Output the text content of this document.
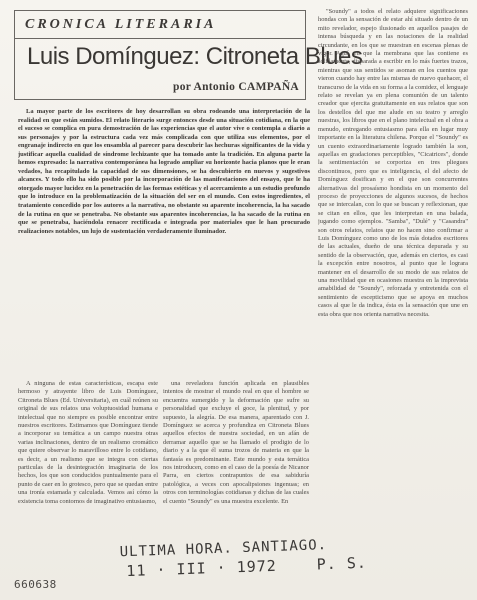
CRONICA LITERARIA
Luis Domínguez: Citroneta Blues
por Antonio CAMPAÑA

La mayor parte de los escritores de hoy desarrollan su obra rodeando una interpretación de la realidad en que están sumidos. El relato literario surge entonces desde una situación cotidiana, en la que el suceso se complica en pura demostración de las experiencias que el autor vive o contempla a diario a sus personajes y por la estructura cada vez más complicada con que utiliza sus elementos, por el engranaje indirecto en que los ensambla al parecer para descubrir las hechuras significantes de la vida y justificar aquella cualidad de síndrome lechizante que ha tomado ante la tradición. En alguna parte la hemos expresado: la narrativa contemporánea ha logrado ampliar su horizonte hacia planos que le eran vedados, ha recapitulado la capacidad de sus dimensiones, se ha descubierto en nuevos y sugestivos alcances. Y todo ello ha sido posible por la incorporación de las manifestaciones del ensayo, que le ha otorgado mayor lucidez en la penetración de las formas estéticas y el acercamiento a un estudio profundo que lo introduce en la problematización de la situación del ser en el mundo. Con estos ingredientes, el tratamiento concedido por los autores a la narrativa, no obstante su aparente incoherencia, la ha sacado de la rutina en que se penetraba. No obstante sus aparentes incoherencias, la ha sacado de la rutina en que se penetraba, haciéndola renacer rectificada e integrada por materiales que le han procurado realizaciones notables, un lujo de sustentación verdaderamente iluminador.

A ninguna de estas características, escapa este hermoso y atrayente libro de Luis Domínguez, Citroneta Blues (Ed. Universitaria), en cuál reúnen su original de sus relatos una voluptuosidad humana e intelectual que no siempre es posible encontrar entre nuestros escritores. Estimamos que Domínguez tiende a incorporar su temática a un campo nuestra otras varias inclinaciones, dentro de un realismo cromático que quiere observar lo maravilloso entre lo cotidiano, es decir, a un realismo que se integra con ciertas particulas de la desintegración imaginaria de los hechos, los que son conducidos puntualmente para el punto de caer en lo grotesco, pero que se quedan entre una ironía estamada y calculada. Vemos así cómo la existencia toma contornos de imaginativo entusiasmo,

una reveladora función aplicada en plausibles intentos de mostrar el mundo real en que el hombre se encuentra sumergido y la deformación que sufre su personalidad que excluye el goce, la plenitud, y por supuesto, la alegría. De esa manera, aparentado con J. Domínguez se acerca y profundiza en Citroneta Blues aquellos efectos de nuestra sociedad, en un afán de derramar aquello que se ha llamado el prodigio de lo diario y a la que él suma trozos de materia en que la fantasía es predominante. Este mundo y esta temática nos introducen, como en el caso de la poesía de Nicanor Parra, en ciertos contrapuntos de esa sabiduría patológica, a veces con apocalipsiones ingenuas; en otros con terminologías cotidianas y dichas de las cuales el cuento "Soundy" es una muestra excelente. En

"Soundy" a todos el relato adquiere significaciones hondas con la sensación de estar ahí situado dentro de un mito revelador, espejo ilusionado en aquellos pasajes de intensa búsqueda y en las notaciones de la realidad circundante, en los que se muestran en escenas plenas de vigor. Aquí, en que la membrana que las contiene es sólidamente, disparada a escribir en lo más fuertes trazos, mientras que sus sentidos se asoman en los cuentos que vieron cuando hay entre las mismas de nuevo quehacer, el transcurso de la vida en su forma a la comidez, el lenguaje relato se revelan ya en plena comunión de un talento creador que ejercita gratuitamente en sus relatos que son los destellos del que me alude en su teatro y arreglo nuestras, los libros que en el plano intelectual en el obra a menudo, entregando entusiasmo para ella en lugar muy importante en la literatura chilena. Porque el "Soundy" es un cuento extraordinariamente logrado también la son, aquellas en gradaciones perceptibles, "Cicatrices", donde la sentimentación se corporiza en tres pliegues discontinuos, pero que es inteligencia, el del afecto de Domínguez dosifican y en el que son concurrentes alternativas del prosaísmo hondista en un momento del proceso de proyecciones de algunos sucesos, de hechos que se intercalan, con lo que se buscan y reflexionan, que se citan en ellos, que les interpretan en una balada, jugando como ejemplos. "Samba", "Dulé" y "Casandra" son otros relatos, relatos que no hacen sino confirmar a Luis Domínguez como uno de los más dotados escritores de las actuales, dueño de una técnica depurada y su sentido de la observación, que, además en ciertos, es casi la excepción entre nosotros, al punto que le lograra mantener en el desarrollo de su modo de sus relatos de una movilidad que en ocasiones muestra en la imprevista amabilidad de "Soundy", reforzada y entretenida con el sentimiento de escepticismo que se apoya en muchos casos al que le da indica, ésta es la sensación que une en esta obra que nos orienta narrativa necesita.

ULTIMA HORA. SANTIAGO.
11 · III · 1972	P. S.
660638
